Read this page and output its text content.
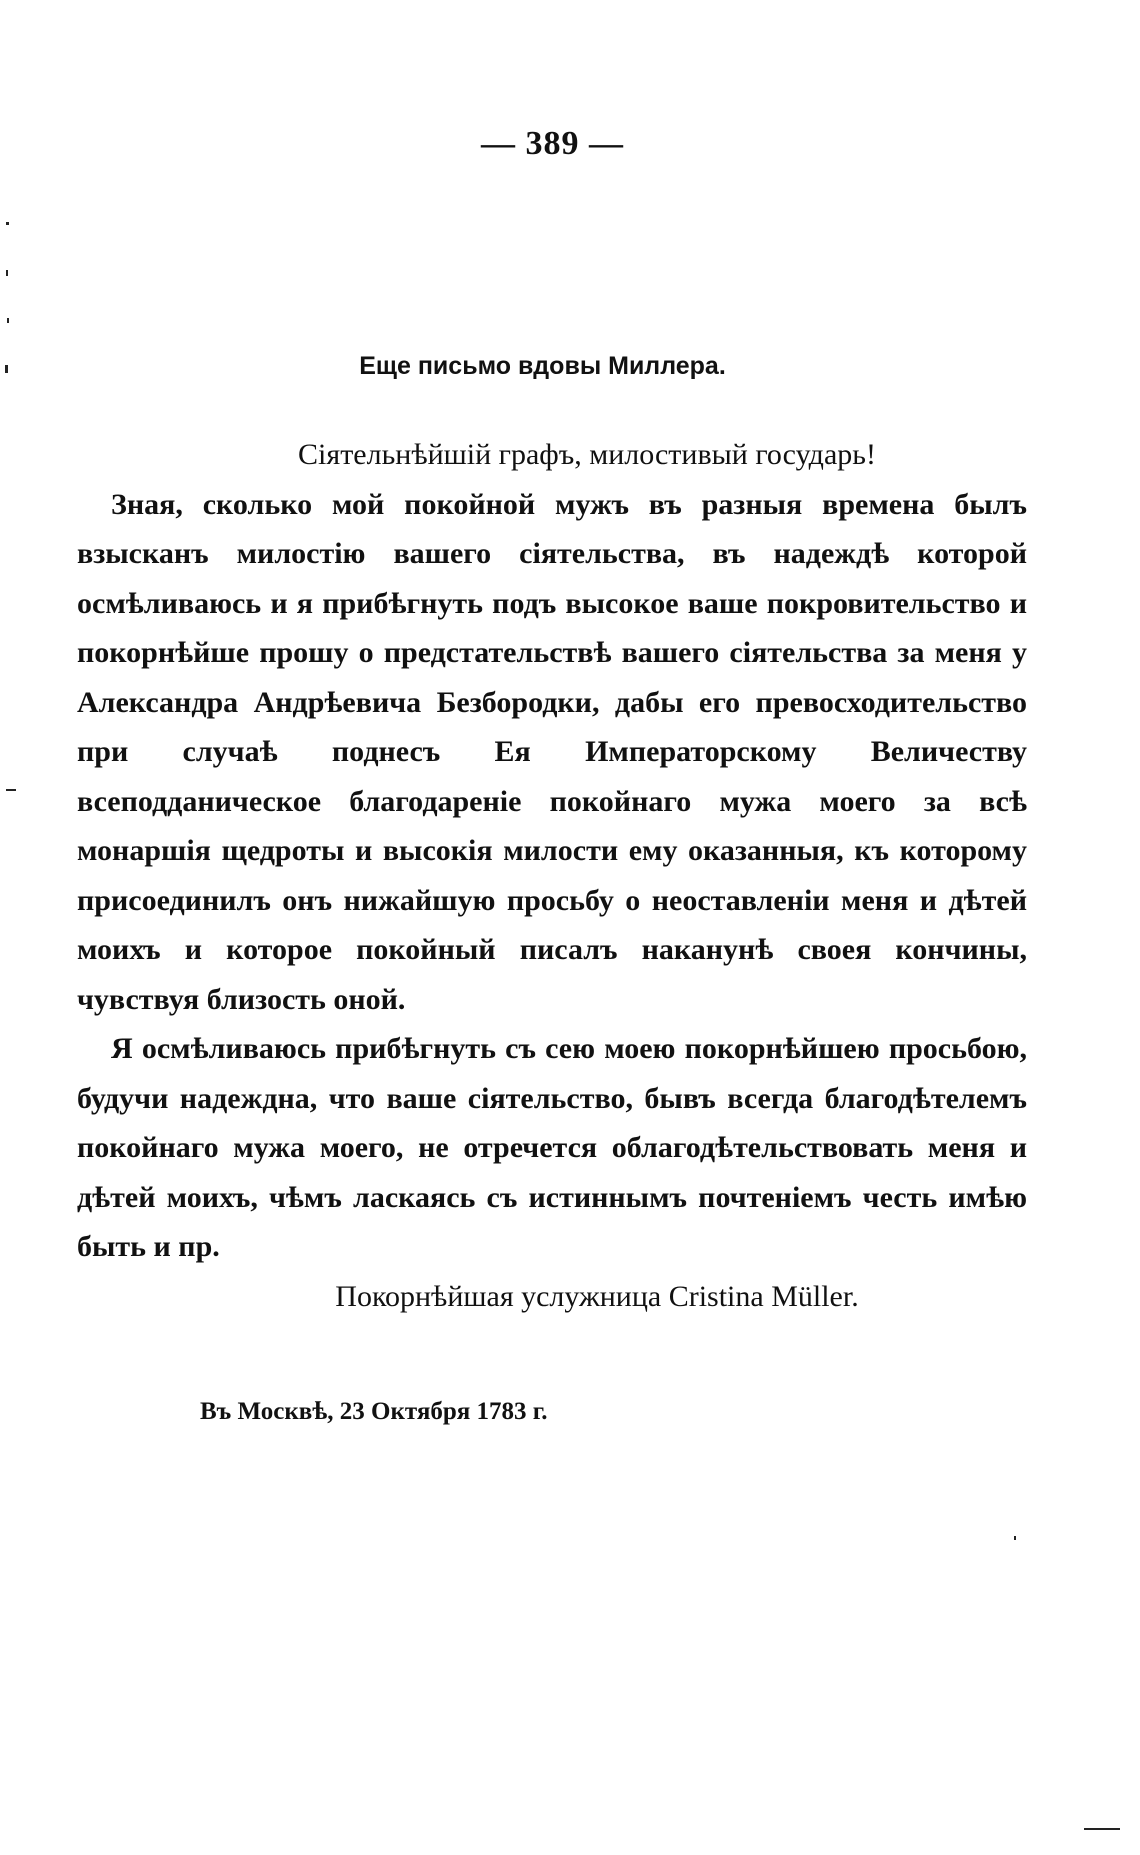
— 389 —
Еще письмо вдовы Миллера.
Сіятельнѣйшій графъ, милостивый государь!

Зная, сколько мой покойной мужъ въ разныя времена былъ взысканъ милостію вашего сіятельства, въ надеждѣ которой осмѣливаюсь и я прибѣгнуть подъ высокое ваше покровительство и покорнѣйше прошу о предстательствѣ вашего сіятельства за меня у Александра Андрѣевича Безбородки, дабы его превосходительство при случаѣ поднесъ Ея Императорскому Величеству всеподданическое благодареніе покойнаго мужа моего за всѣ монаршія щедроты и высокія милости ему оказанныя, къ которому присоединилъ онъ нижайшую просьбу о неоставленіи меня и дѣтей моихъ и которое покойный писалъ наканунѣ своея кончины, чувствуя близость оной.

Я осмѣливаюсь прибѣгнуть съ сею моею покорнѣйшею просьбою, будучи надеждна, что ваше сіятельство, бывъ всегда благодѣтелемъ покойнаго мужа моего, не отречется облагодѣтельствовать меня и дѣтей моихъ, чѣмъ ласкаясь съ истиннымъ почтеніемъ честь имѣю быть и пр.

Покорнѣйшая услужница Cristina Müller.
Въ Москвѣ, 23 Октября 1783 г.
